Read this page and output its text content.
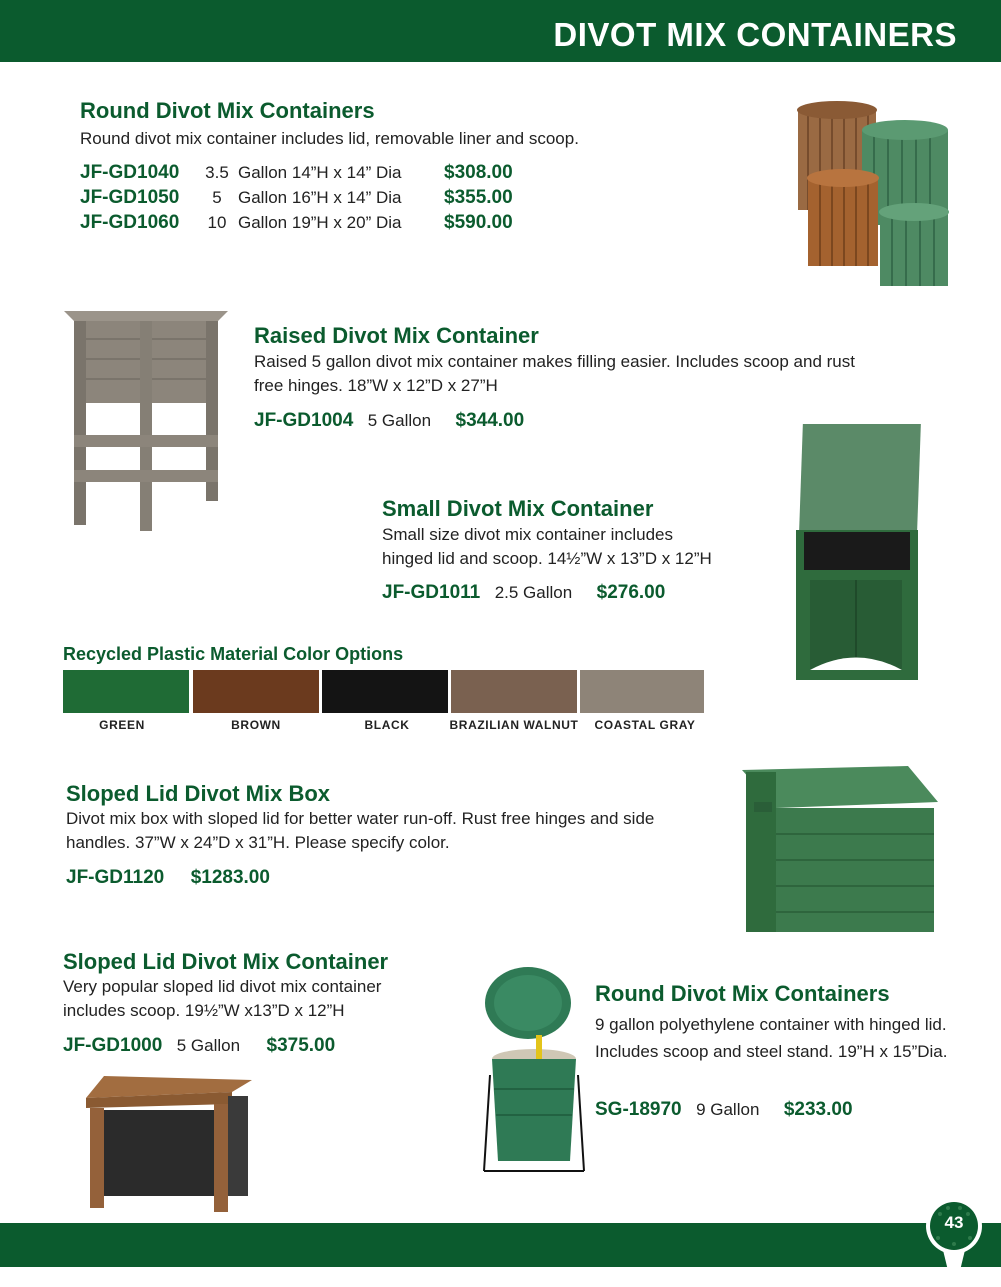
DIVOT MIX CONTAINERS
Round Divot Mix Containers
Round divot mix container includes lid, removable liner and scoop.
JF-GD1040	3.5	Gallon 14”H x 14” Dia	$308.00
JF-GD1050	5	Gallon 16”H x 14” Dia	$355.00
JF-GD1060	10	Gallon 19”H x 20” Dia	$590.00
Raised Divot Mix Container
Raised 5 gallon divot mix container makes filling easier. Includes scoop and rust free hinges. 18”W x 12”D x 27”H
JF-GD1004 5 Gallon $344.00
Small Divot Mix Container
Small size divot mix container includes
hinged lid and scoop. 14½”W x 13”D x 12”H
JF-GD1011 2.5 Gallon $276.00
Recycled Plastic Material Color Options
GREEN	BROWN	BLACK	BRAZILIAN WALNUT	COASTAL GRAY
Sloped Lid Divot Mix Box
Divot mix box with sloped lid for better water run-off. Rust free hinges and side handles. 37”W x 24”D x 31”H. Please specify color.
JF-GD1120 $1283.00
Sloped Lid Divot Mix Container
Very popular sloped lid divot mix container includes scoop. 19½”W x13”D x 12”H
JF-GD1000 5 Gallon $375.00
Round Divot Mix Containers
9 gallon polyethylene container with hinged lid. Includes scoop and steel stand. 19”H x 15”Dia.
SG-18970 9 Gallon $233.00
43
